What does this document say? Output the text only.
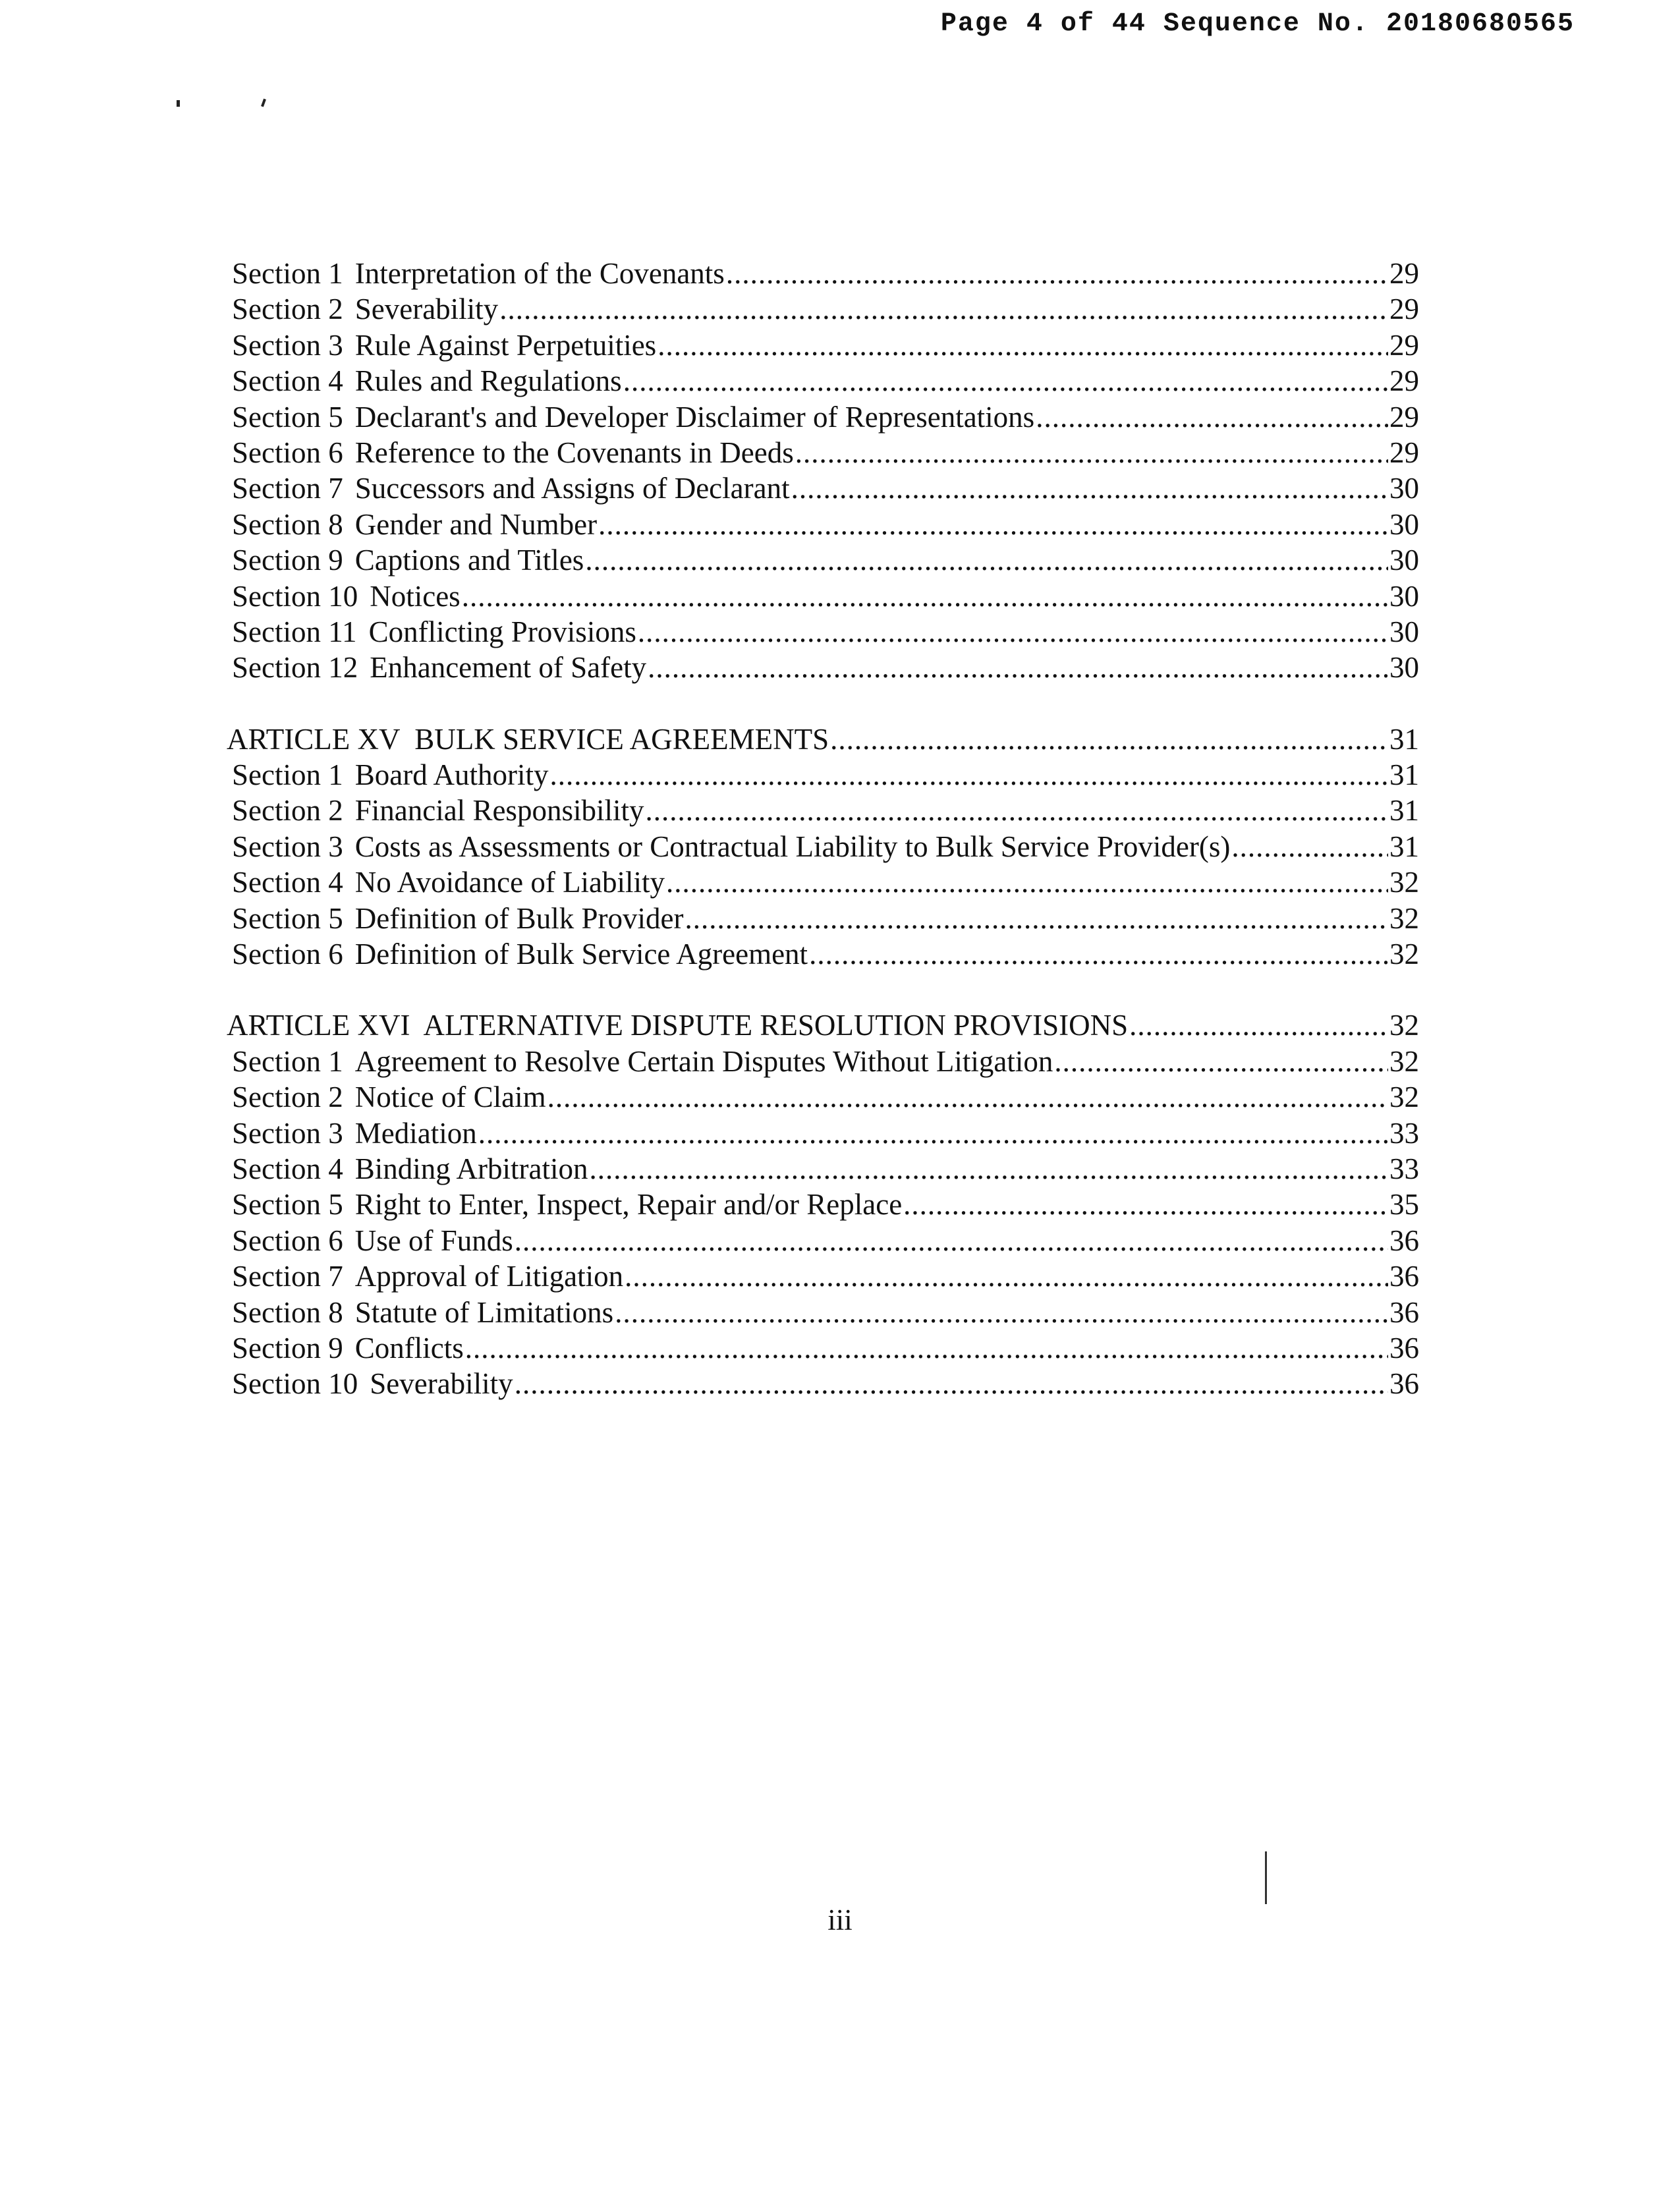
Page 4 of 44 Sequence No. 20180680565
Section 1 Interpretation of the Covenants .....	29
Section 2 Severability .....	29
Section 3 Rule Against Perpetuities .....	29
Section 4 Rules and Regulations .....	29
Section 5 Declarant's and Developer Disclaimer of Representations .....	29
Section 6 Reference to the Covenants in Deeds .....	29
Section 7 Successors and Assigns of Declarant .....	30
Section 8 Gender and Number .....	30
Section 9 Captions and Titles .....	30
Section 10 Notices .....	30
Section 11 Conflicting Provisions .....	30
Section 12 Enhancement of Safety .....	30
ARTICLE XV  BULK SERVICE AGREEMENTS .....	31
Section 1 Board Authority .....	31
Section 2 Financial Responsibility .....	31
Section 3 Costs as Assessments or Contractual Liability to Bulk Service Provider(s) .....	31
Section 4 No Avoidance of Liability .....	32
Section 5 Definition of Bulk Provider .....	32
Section 6 Definition of Bulk Service Agreement .....	32
ARTICLE XVI  ALTERNATIVE DISPUTE RESOLUTION PROVISIONS .....	32
Section 1 Agreement to Resolve Certain Disputes Without Litigation .....	32
Section 2 Notice of Claim .....	32
Section 3 Mediation .....	33
Section 4 Binding Arbitration .....	33
Section 5 Right to Enter, Inspect, Repair and/or Replace .....	35
Section 6 Use of Funds .....	36
Section 7 Approval of Litigation .....	36
Section 8 Statute of Limitations .....	36
Section 9 Conflicts .....	36
Section 10 Severability .....	36
iii
